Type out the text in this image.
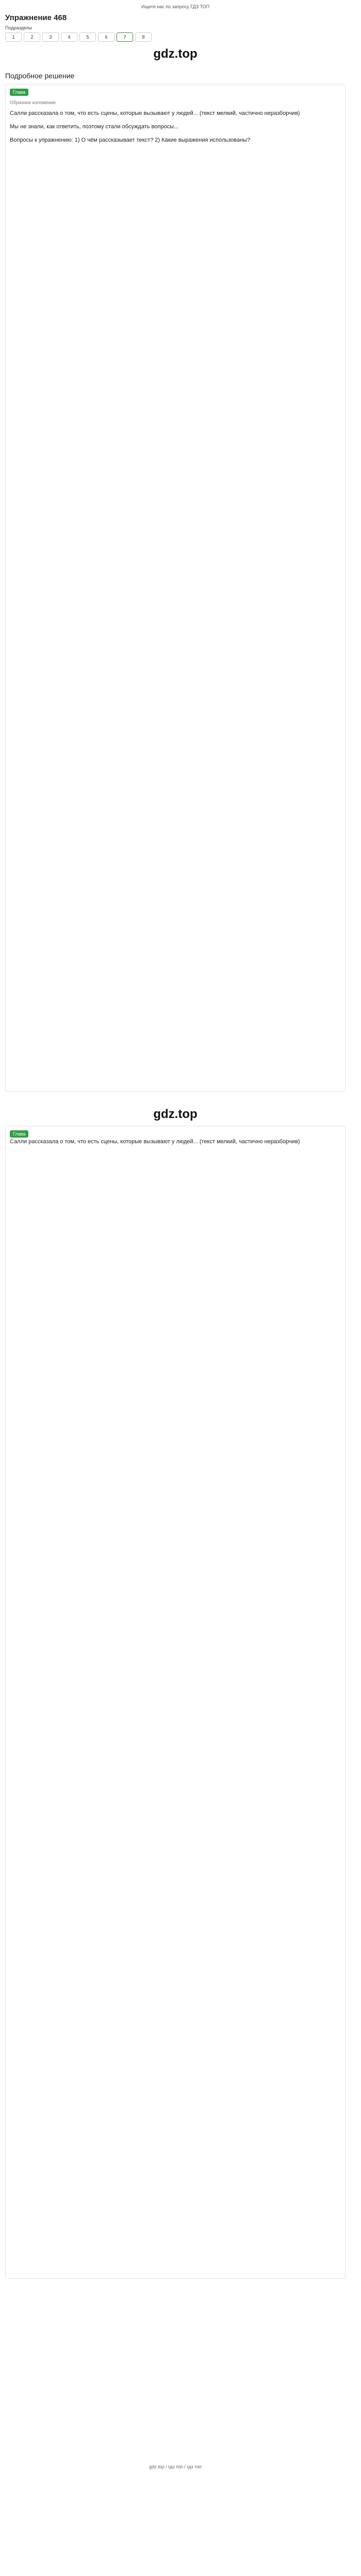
Ищите нас по запросу ГДЗ ТОП
Упражнение 468
Подразделы
1	2	3	4	5	6	7	8
gdz.top
Подробное решение
Глава
Образное изложение

Салли рассказала о том, что есть сцены, которые вызывают у людей... (текст мелкий, частично неразборчив)

Мы не знали, как ответить, поэтому стали обсуждать вопросы...

Вопросы к упражнению: 1) О чём рассказывает текст? 2) Какие выражения использованы?

gdz.top
Глава

Салли рассказала о том, что есть сцены, которые вызывают у людей... (текст мелкий, частично неразборчив)

gdz.top / гдз топ / гдз топ
